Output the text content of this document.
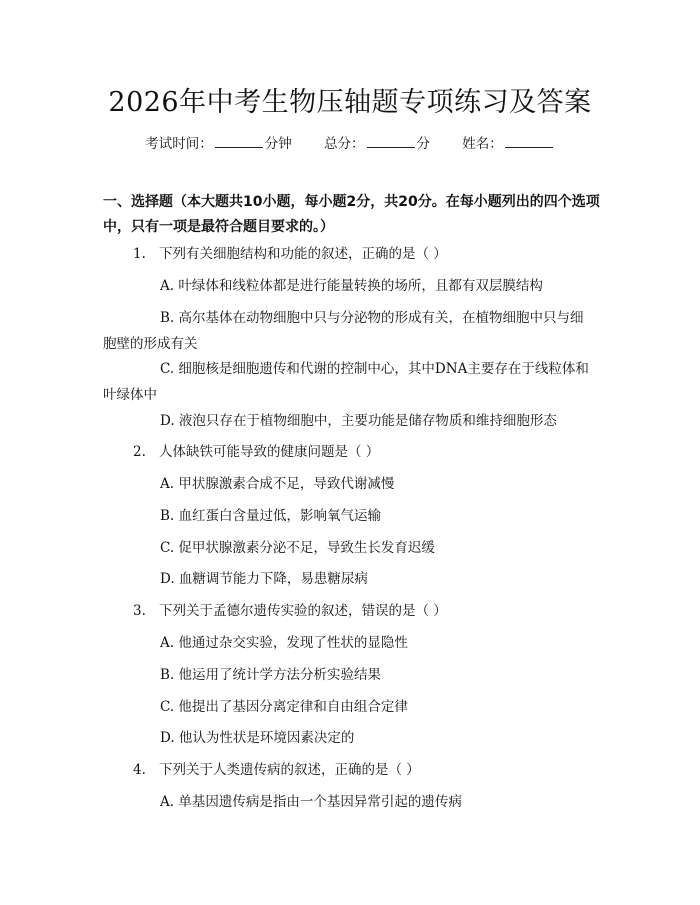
2026年中考生物压轴题专项练习及答案
考试时间：	分钟 总分：	分 姓名：

一、选择题（本大题共10小题，每小题2分，共20分。在每小题列出的四个选项中，只有一项是最符合题目要求的。）

1. 下列有关细胞结构和功能的叙述，正确的是（ ）
A. 叶绿体和线粒体都是进行能量转换的场所，且都有双层膜结构
B. 高尔基体在动物细胞中只与分泌物的形成有关，在植物细胞中只与细胞壁的形成有关
C. 细胞核是细胞遗传和代谢的控制中心，其中DNA主要存在于线粒体和叶绿体中
D. 液泡只存在于植物细胞中，主要功能是储存物质和维持细胞形态
2. 人体缺铁可能导致的健康问题是（ ）
A. 甲状腺激素合成不足，导致代谢减慢
B. 血红蛋白含量过低，影响氧气运输
C. 促甲状腺激素分泌不足，导致生长发育迟缓
D. 血糖调节能力下降，易患糖尿病
3. 下列关于孟德尔遗传实验的叙述，错误的是（ ）
A. 他通过杂交实验，发现了性状的显隐性
B. 他运用了统计学方法分析实验结果
C. 他提出了基因分离定律和自由组合定律
D. 他认为性状是环境因素决定的
4. 下列关于人类遗传病的叙述，正确的是（ ）
A. 单基因遗传病是指由一个基因异常引起的遗传病
